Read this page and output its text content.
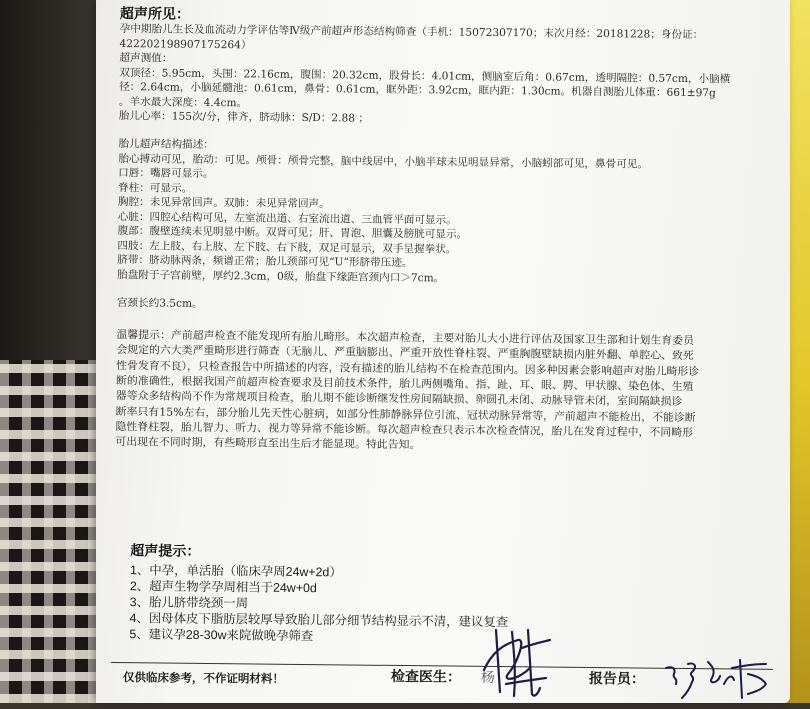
超声所见：
孕中期胎儿生长及血流动力学评估等Ⅳ级产前超声形态结构筛查（手机：15072307170；末次月经：20181228；身份证：
422202198907175264）
超声测值：
双顶径：5.95cm，头围：22.16cm，腹围：20.32cm，股骨长：4.01cm，侧脑室后角：0.67cm，透明隔腔：0.57cm，小脑横
径：2.64cm，小脑延髓池：0.61cm，鼻骨：0.61cm，眶外距：3.92cm，眶内距：1.30cm。机器自测胎儿体重：661±97g
。羊水最大深度：4.4cm。
胎儿心率：155次/分，律齐，脐动脉：S/D：2.88 ；
胎儿超声结构描述：
胎心搏动可见，胎动：可见。颅骨：颅骨完整，脑中线居中，小脑半球未见明显异常，小脑蚓部可见，鼻骨可见。
口唇：嘴唇可显示。
脊柱：可显示。
胸腔：未见异常回声。双肺：未见异常回声。
心脏：四腔心结构可见，左室流出道、右室流出道、三血管平面可显示。
腹部：腹壁连续未见明显中断。双肾可见；肝、胃泡、胆囊及膀胱可显示。
四肢：左上肢、右上肢、左下肢、右下肢，双足可显示，双手呈握拳状。
脐带：脐动脉两条，频谱正常；胎儿颈部可见“U”形脐带压迹。
胎盘附于子宫前壁，厚约2.3cm，0级，胎盘下缘距宫颈内口＞7cm。
宫颈长约3.5cm。
温馨提示：产前超声检查不能发现所有胎儿畸形。本次超声检查，主要对胎儿大小进行评估及国家卫生部和计划生育委员
会规定的六大类严重畸形进行筛查（无脑儿、严重脑膨出、严重开放性脊柱裂、严重胸腹壁缺损内脏外翻、单腔心、致死
性骨发育不良），只检查报告中所描述的内容，没有描述的胎儿结构不在检查范围内。因多种因素会影响超声对胎儿畸形诊
断的准确性，根据我国产前超声检查要求及目前技术条件，胎儿两侧嘴角、指、趾、耳、眼、腭、甲状腺、染色体、生殖
器等众多结构尚不作为常规项目检查，胎儿期不能诊断继发性房间隔缺损、卵圆孔未闭、动脉导管未闭，室间隔缺损诊
断率只有15%左右，部分胎儿先天性心脏病，如部分性肺静脉异位引流、冠状动脉异常等，产前超声不能检出，不能诊断
隐性脊柱裂，胎儿智力、听力、视力等异常不能诊断。每次超声检查只表示本次检查情况，胎儿在发育过程中，不同畸形
可出现在不同时期，有些畸形直至出生后才能显现。特此告知。
超声提示：
1、中孕，单活胎（临床孕周24w+2d）
2、超声生物学孕周相当于24w+0d
3、胎儿脐带绕颈一周
4、因母体皮下脂肪层较厚导致胎儿部分细节结构显示不清，建议复查
5、建议孕28-30w来院做晚孕筛查
仅供临床参考，不作证明材料！	检查医生： 杨	报告员：
